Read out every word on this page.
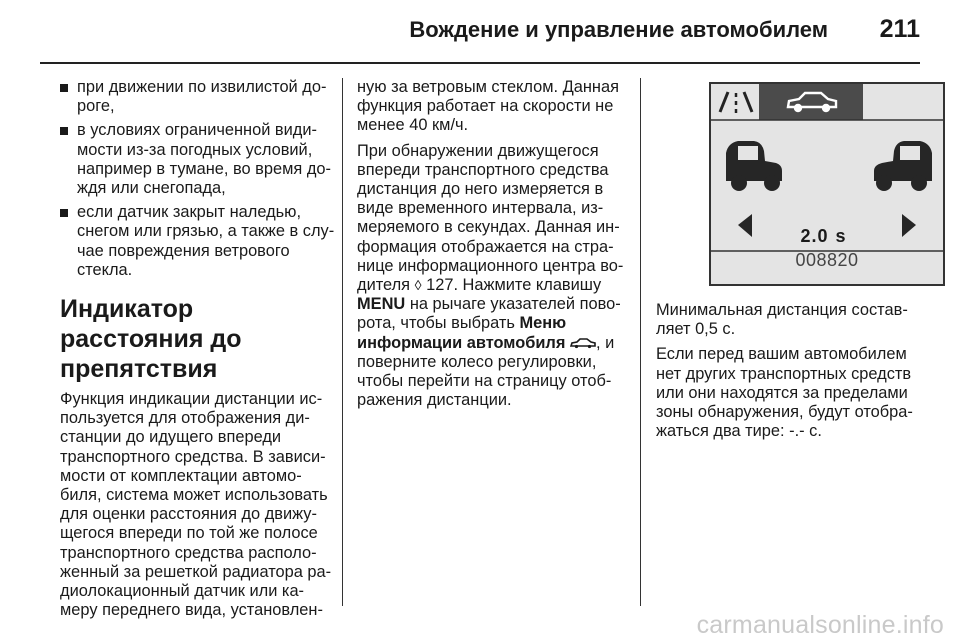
Вождение и управление автомобилем 211
при движении по извилистой до-роге,
в условиях ограниченной види-мости из-за погодных условий, например в тумане, во время до-ждя или снегопада,
если датчик закрыт наледью, снегом или грязью, а также в слу-чае повреждения ветрового стекла.
Индикатор расстояния до препятствия

Функция индикации дистанции ис-пользуется для отображения ди-станции до идущего впереди транспортного средства. В зависи-мости от комплектации автомо-биля, система может использовать для оценки расстояния до движу-щегося впереди по той же полосе транспортного средства располо-женный за решеткой радиатора ра-диолокационный датчик или ка-меру переднего вида, установлен-

ную за ветровым стеклом. Данная функция работает на скорости не менее 40 км/ч.

При обнаружении движущегося впереди транспортного средства дистанция до него измеряется в виде временного интервала, из-меряемого в секундах. Данная ин-формация отображается на стра-нице информационного центра во-дителя ◊ 127. Нажмите клавишу MENU на рычаге указателей пово-рота, чтобы выбрать Меню информации автомобиля , и поверните колесо регулировки, чтобы перейти на страницу отоб-ражения дистанции.

2.0 s
008820

Минимальная дистанция состав-ляет 0,5 с.

Если перед вашим автомобилем нет других транспортных средств или они находятся за пределами зоны обнаружения, будут отобра-жаться два тире: -.- с.

carmanualsonline.info
